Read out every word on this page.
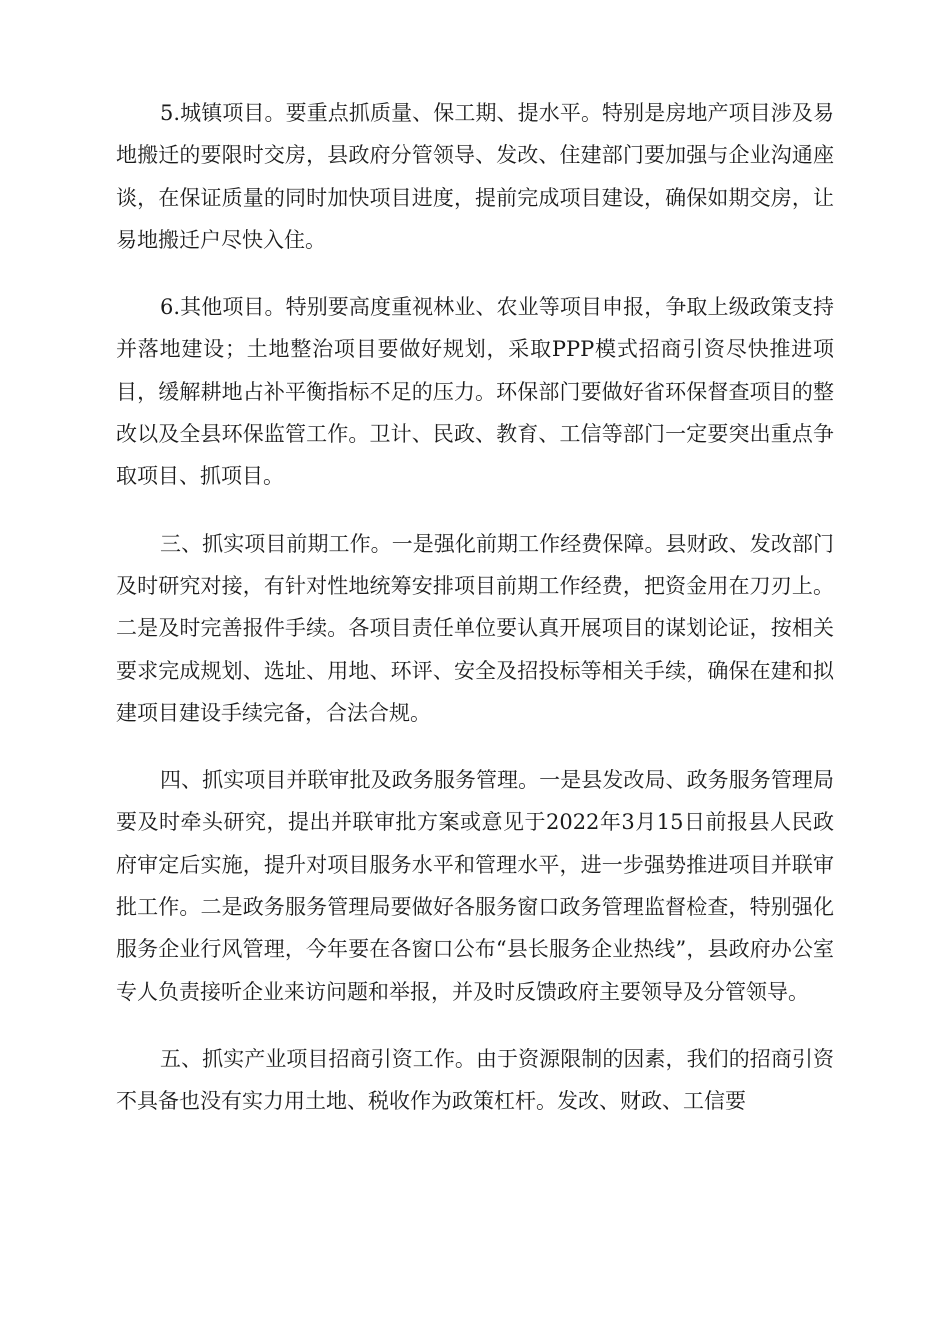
5.城镇项目。要重点抓质量、保工期、提水平。特别是房地产项目涉及易地搬迁的要限时交房，县政府分管领导、发改、住建部门要加强与企业沟通座谈，在保证质量的同时加快项目进度，提前完成项目建设，确保如期交房，让易地搬迁户尽快入住。

6.其他项目。特别要高度重视林业、农业等项目申报，争取上级政策支持并落地建设；土地整治项目要做好规划，采取PPP模式招商引资尽快推进项目，缓解耕地占补平衡指标不足的压力。环保部门要做好省环保督查项目的整改以及全县环保监管工作。卫计、民政、教育、工信等部门一定要突出重点争取项目、抓项目。

三、抓实项目前期工作。一是强化前期工作经费保障。县财政、发改部门及时研究对接，有针对性地统筹安排项目前期工作经费，把资金用在刀刃上。二是及时完善报件手续。各项目责任单位要认真开展项目的谋划论证，按相关要求完成规划、选址、用地、环评、安全及招投标等相关手续，确保在建和拟建项目建设手续完备，合法合规。

四、抓实项目并联审批及政务服务管理。一是县发改局、政务服务管理局要及时牵头研究，提出并联审批方案或意见于2022年3月15日前报县人民政府审定后实施，提升对项目服务水平和管理水平，进一步强势推进项目并联审批工作。二是政务服务管理局要做好各服务窗口政务管理监督检查，特别强化服务企业行风管理，今年要在各窗口公布“县长服务企业热线”，县政府办公室专人负责接听企业来访问题和举报，并及时反馈政府主要领导及分管领导。

五、抓实产业项目招商引资工作。由于资源限制的因素，我们的招商引资不具备也没有实力用土地、税收作为政策杠杆。发改、财政、工信要
